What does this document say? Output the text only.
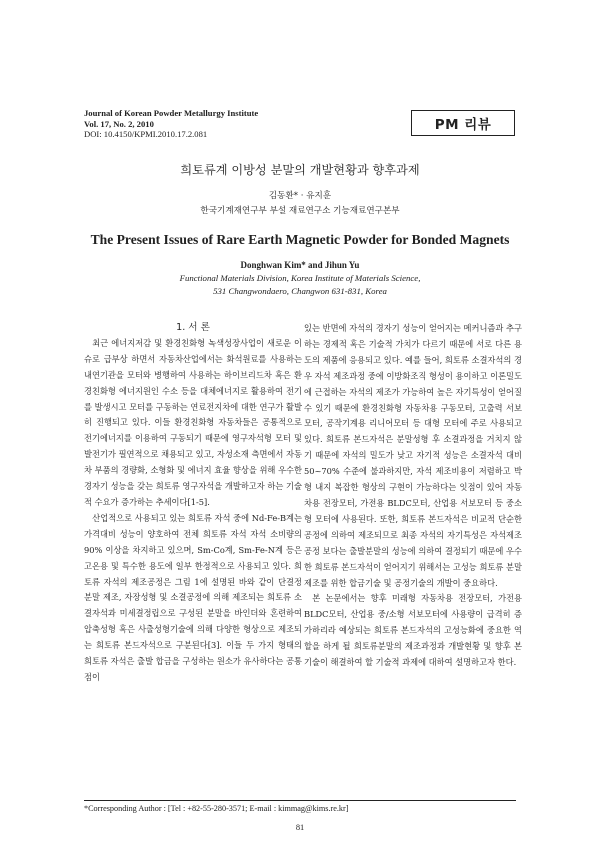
Journal of Korean Powder Metallurgy Institute
Vol. 17, No. 2, 2010
DOI: 10.4150/KPMI.2010.17.2.081
PM 리뷰
희토류계 이방성 분말의 개발현황과 향후과제
김동환* · 유지훈
한국기계재연구부 부설 재료연구소 기능재료연구본부
The Present Issues of Rare Earth Magnetic Powder for Bonded Magnets
Donghwan Kim* and Jihun Yu
Functional Materials Division, Korea Institute of Materials Science,
531 Changwondaero, Changwon 631-831, Korea

1. 서 론

최근 에너지저감 및 환경친화형 녹색성장사업이 새로운 이슈로 급부상 하면서 자동차산업에서는 화석원료를 사용하는 내연기관을 모터와 병행하여 사용하는 하이브리드차 혹은 환경친화형 에너지원인 수소 등을 대체에너지로 활용하여 전기를 발생시고 모터를 구동하는 연료전지차에 대한 연구가 활발히 진행되고 있다. 이들 환경친화형 자동차들은 공통적으로 전기에너지를 이용하여 구동되기 때문에 영구자석형 모터 및 발전기가 필연적으로 채용되고 있고, 자성소재 측면에서 자동차 부품의 경량화, 소형화 및 에너지 효율 향상을 위해 우수한 경자기 성능을 갖는 희토류 영구자석을 개발하고자 하는 기술적 수요가 증가하는 추세이다[1-5].

산업적으로 사용되고 있는 희토류 자석 중에 Nd-Fe-B계는 가격대비 성능이 양호하여 전체 희토류 자석 자석 소비량의 90% 이상을 차지하고 있으며, Sm-Co계, Sm-Fe-N계 등은 고온용 및 특수한 용도에 일부 한정적으로 사용되고 있다. 희토류 자석의 제조공정은 그림 1에 설명된 바와 같이 단결정 분말 제조, 자장성형 및 소결공정에 의해 제조되는 희토류 소결자석과 미세결정립으로 구성된 분말을 바인더와 혼련하여 압축성형 혹은 사출성형기술에 의해 다양한 형상으로 제조되는 희토류 본드자석으로 구분된다[3]. 이들 두 가지 형태의 희토류 자석은 출발 합금을 구성하는 원소가 유사하다는 공통점이

있는 반면에 자석의 경자기 성능이 얻어지는 메커니즘과 추구하는 경제적 혹은 기술적 가치가 다르기 때문에 서로 다른 용도의 제품에 응용되고 있다. 예를 들어, 희토류 소결자석의 경우 자석 제조과정 중에 이방화조직 형성이 용이하고 이론밀도에 근접하는 자석의 제조가 가능하여 높은 자기특성이 얻어질 수 있기 때문에 환경친화형 자동차용 구동모터, 고출력 서보모터, 공작기계용 리니어모터 등 대형 모터에 주로 사용되고 있다. 희토류 본드자석은 분말성형 후 소결과정을 거치지 않기 때문에 자석의 밀도가 낮고 자기적 성능은 소결자석 대비 50~70% 수준에 불과하지만, 자석 제조비용이 저렴하고 박형 내지 복잡한 형상의 구현이 가능하다는 잇점이 있어 자동차용 전장모터, 가전용 BLDC모터, 산업용 서보모터 등 중소형 모터에 사용된다. 또한, 희토류 본드자석은 비교적 단순한 공정에 의하여 제조되므로 최종 자석의 자기특성은 자석제조공정 보다는 출발분말의 성능에 의하여 결정되기 때문에 우수한 희토류 본드자석이 얻어지기 위해서는 고성능 희토류 분말제조를 위한 합금기술 및 공정기술의 개발이 중요하다.

본 논문에서는 향후 미래형 자동차용 전장모터, 가전용 BLDC모터, 산업용 중/소형 서보모터에 사용량이 급격히 증가하리라 예상되는 희토류 본드자석의 고성능화에 중요한 역할을 하게 될 희토류분말의 제조과정과 개발현황 및 향후 본 기술이 해결하여 할 기술적 과제에 대하여 설명하고자 한다.

*Corresponding Author : [Tel : +82-55-280-3571; E-mail : kimmag@kims.re.kr]
81
